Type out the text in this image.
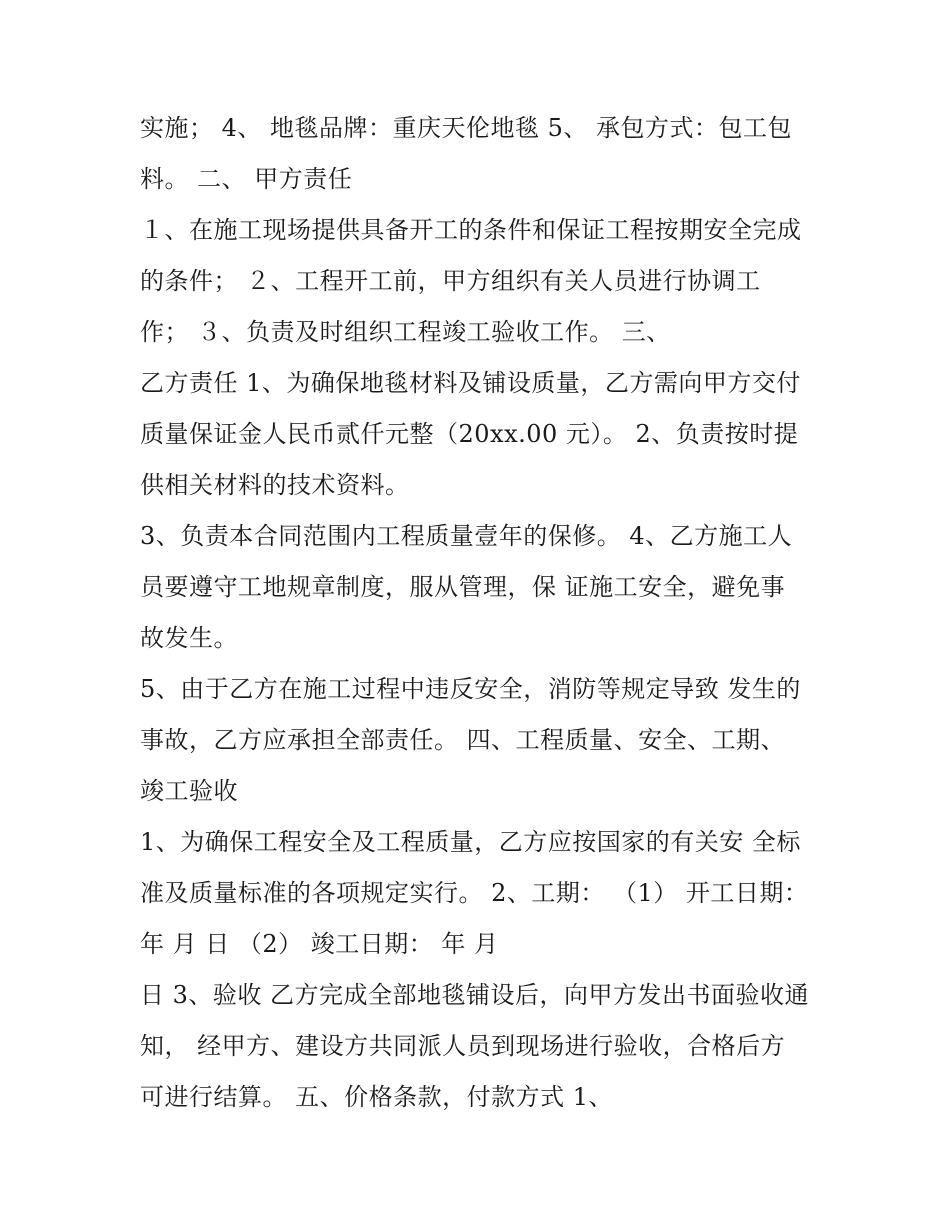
实施； 4、 地毯品牌：重庆天伦地毯 5、 承包方式：包工包
料。 二、 甲方责任
１、在施工现场提供具备开工的条件和保证工程按期安全完成
的条件； ２、工程开工前，甲方组织有关人员进行协调工
作； ３、负责及时组织工程竣工验收工作。 三、
乙方责任 1、为确保地毯材料及铺设质量，乙方需向甲方交付
质量保证金人民币贰仟元整（20xx.00 元）。 2、负责按时提
供相关材料的技术资料。
3、负责本合同范围内工程质量壹年的保修。 4、乙方施工人
员要遵守工地规章制度，服从管理，保 证施工安全，避免事
故发生。
5、由于乙方在施工过程中违反安全，消防等规定导致 发生的
事故，乙方应承担全部责任。 四、工程质量、安全、工期、
竣工验收
1、为确保工程安全及工程质量，乙方应按国家的有关安 全标
准及质量标准的各项规定实行。 2、工期： （1） 开工日期：
年 月 日 （2） 竣工日期： 年 月
日 3、验收 乙方完成全部地毯铺设后，向甲方发出书面验收通
知， 经甲方、建设方共同派人员到现场进行验收，合格后方
可进行结算。 五、价格条款，付款方式 1、
